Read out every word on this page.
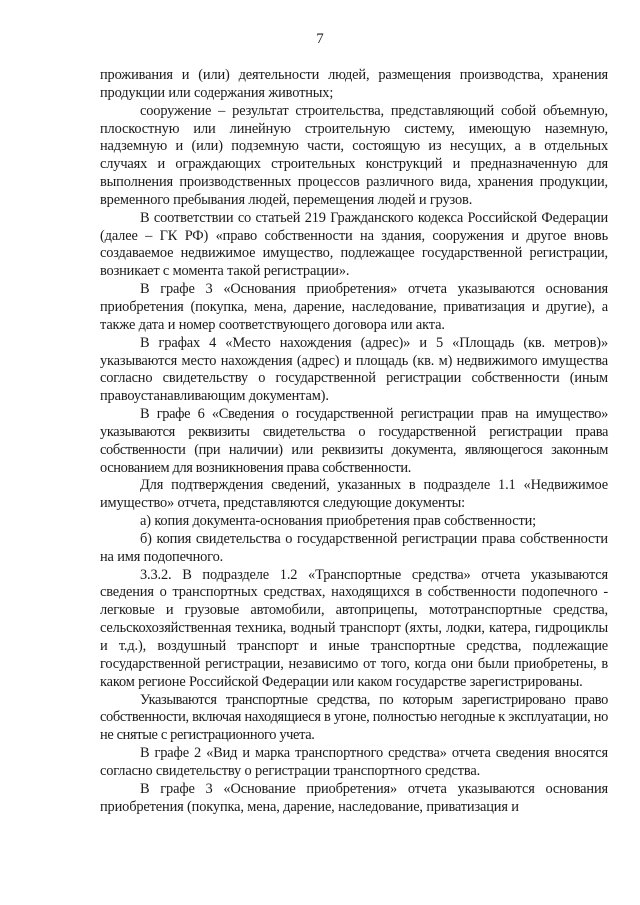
7

проживания и (или) деятельности людей, размещения производства, хранения продукции или содержания животных;

сооружение – результат строительства, представляющий собой объемную, плоскостную или линейную строительную систему, имеющую наземную, надземную и (или) подземную части, состоящую из несущих, а в отдельных случаях и ограждающих строительных конструкций и предназначенную для выполнения производственных процессов различного вида, хранения продукции, временного пребывания людей, перемещения людей и грузов.

В соответствии со статьей 219 Гражданского кодекса Российской Федерации (далее – ГК РФ) «право собственности на здания, сооружения и другое вновь создаваемое недвижимое имущество, подлежащее государственной регистрации, возникает с момента такой регистрации».

В графе 3 «Основания приобретения» отчета указываются основания приобретения (покупка, мена, дарение, наследование, приватизация и другие), а также дата и номер соответствующего договора или акта.

В графах 4 «Место нахождения (адрес)» и 5 «Площадь (кв. метров)» указываются место нахождения (адрес) и площадь (кв. м) недвижимого имущества согласно свидетельству о государственной регистрации собственности (иным правоустанавливающим документам).

В графе 6 «Сведения о государственной регистрации прав на имущество» указываются реквизиты свидетельства о государственной регистрации права собственности (при наличии) или реквизиты документа, являющегося законным основанием для возникновения права собственности.

Для подтверждения сведений, указанных в подразделе 1.1 «Недвижимое имущество» отчета, представляются следующие документы:

а) копия документа-основания приобретения прав собственности;

б) копия свидетельства о государственной регистрации права собственности на имя подопечного.

3.3.2. В подразделе 1.2 «Транспортные средства» отчета указываются сведения о транспортных средствах, находящихся в собственности подопечного - легковые и грузовые автомобили, автоприцепы, мототранспортные средства, сельскохозяйственная техника, водный транспорт (яхты, лодки, катера, гидроциклы и т.д.), воздушный транспорт и иные транспортные средства, подлежащие государственной регистрации, независимо от того, когда они были приобретены, в каком регионе Российской Федерации или каком государстве зарегистрированы.

Указываются транспортные средства, по которым зарегистрировано право собственности, включая находящиеся в угоне, полностью негодные к эксплуатации, но не снятые с регистрационного учета.

В графе 2 «Вид и марка транспортного средства» отчета сведения вносятся согласно свидетельству о регистрации транспортного средства.

В графе 3 «Основание приобретения» отчета указываются основания приобретения (покупка, мена, дарение, наследование, приватизация и
